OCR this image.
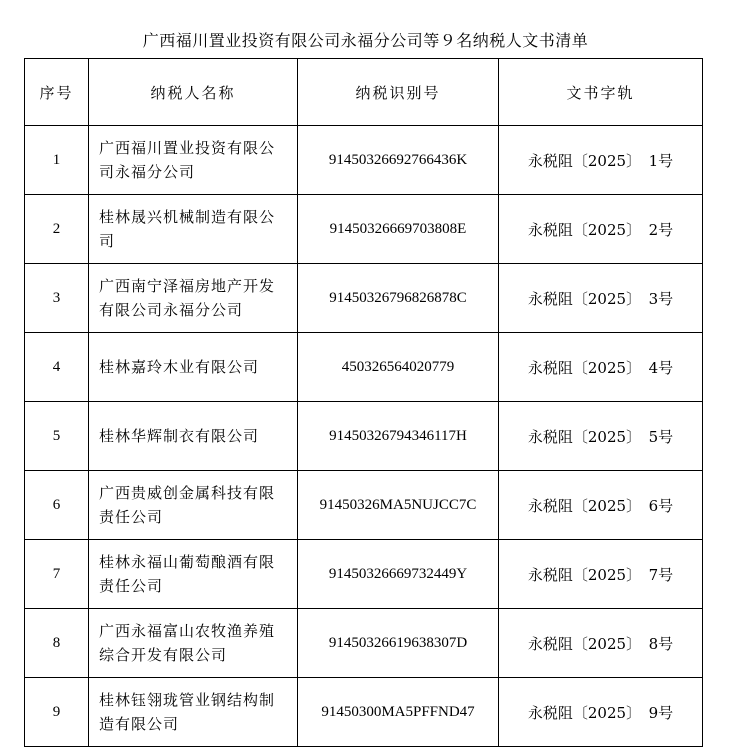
广西福川置业投资有限公司永福分公司等９名纳税人文书清单
序号	纳税人名称	纳税识别号	文书字轨
1	广西福川置业投资有限公司永福分公司	91450326692766436K	永税阻〔2025〕　1号
2	桂林晟兴机械制造有限公司	91450326669703808E	永税阻〔2025〕　2号
3	广西南宁泽福房地产开发有限公司永福分公司	91450326796826878C	永税阻〔2025〕　3号
4	桂林嘉玲木业有限公司	450326564020779	永税阻〔2025〕　4号
5	桂林华辉制衣有限公司	91450326794346117H	永税阻〔2025〕　5号
6	广西贵威创金属科技有限责任公司	91450326MA5NUJCC7C	永税阻〔2025〕　6号
7	桂林永福山葡萄酿酒有限责任公司	91450326669732449Y	永税阻〔2025〕　7号
8	广西永福富山农牧渔养殖综合开发有限公司	91450326619638307D	永税阻〔2025〕　8号
9	桂林钰翎珑管业钢结构制造有限公司	91450300MA5PFFND47	永税阻〔2025〕　9号
